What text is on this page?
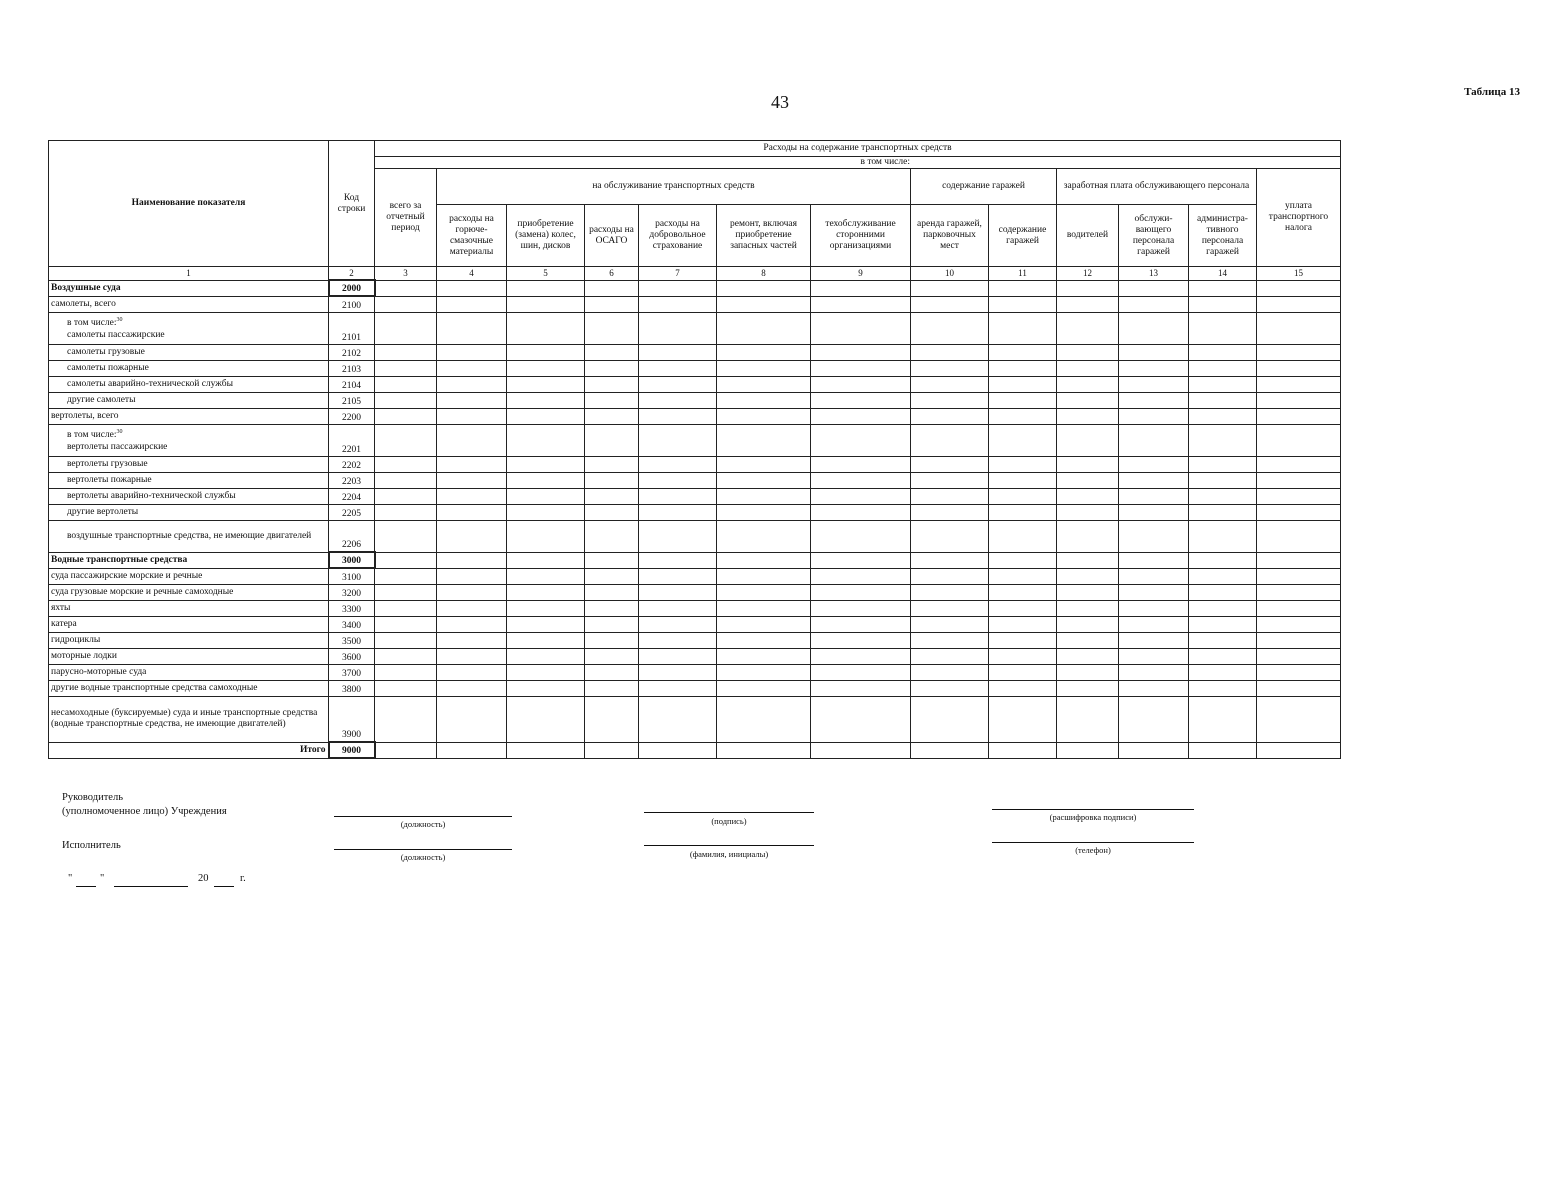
43	Таблица 13
Наименование показателя	Код строки	Расходы на содержание транспортных средств												
		в том числе:												
		всего за отчетный период	на обслуживание транспортных средств						содержание гаражей		заработная плата обслуживающего персонала			уплата транспортного налога
			расходы на горюче-смазочные материалы	приобретение (замена) колес, шин, дисков	расходы на ОСАГО	расходы на добровольное страхование	ремонт, включая приобретение запасных частей	техобслуживание сторонними организациями	аренда гаражей, парковочных мест	содержание гаражей	водителей	обслужи-вающего персонала гаражей	администра-тивного персонала гаражей	
1	2	3	4	5	6	7	8	9	10	11	12	13	14	15
Воздушные суда	2000													
самолеты, всего	2100													

в том числе:$^{30}$
самолеты пассажирские	2101													
самолеты грузовые	2102													
самолеты пожарные	2103													
самолеты аварийно-технической службы	2104													
другие самолеты	2105													
вертолеты, всего	2200													

в том числе:$^{30}$
вертолеты пассажирские	2201													
вертолеты грузовые	2202													
вертолеты пожарные	2203													
вертолеты аварийно-технической службы	2204													
другие вертолеты	2205													
воздушные транспортные средства, не имеющие двигателей	2206													
Водные транспортные средства	3000													
суда пассажирские морские и речные	3100													
суда грузовые морские и речные самоходные	3200													
яхты	3300													
катера	3400													
гидроциклы	3500													
моторные лодки	3600													
парусно-моторные суда	3700													
другие водные транспортные средства самоходные	3800													
несамоходные (буксируемые) суда и иные транспортные средства (водные транспортные средства, не имеющие двигателей)	3900													
Итого	9000													
Руководитель
(уполномоченное лицо) Учреждения
(должность)	(подпись)	(расшифровка подписи)
Исполнитель
(должность)	(фамилия, инициалы)	(телефон)
"	"	20	г.
